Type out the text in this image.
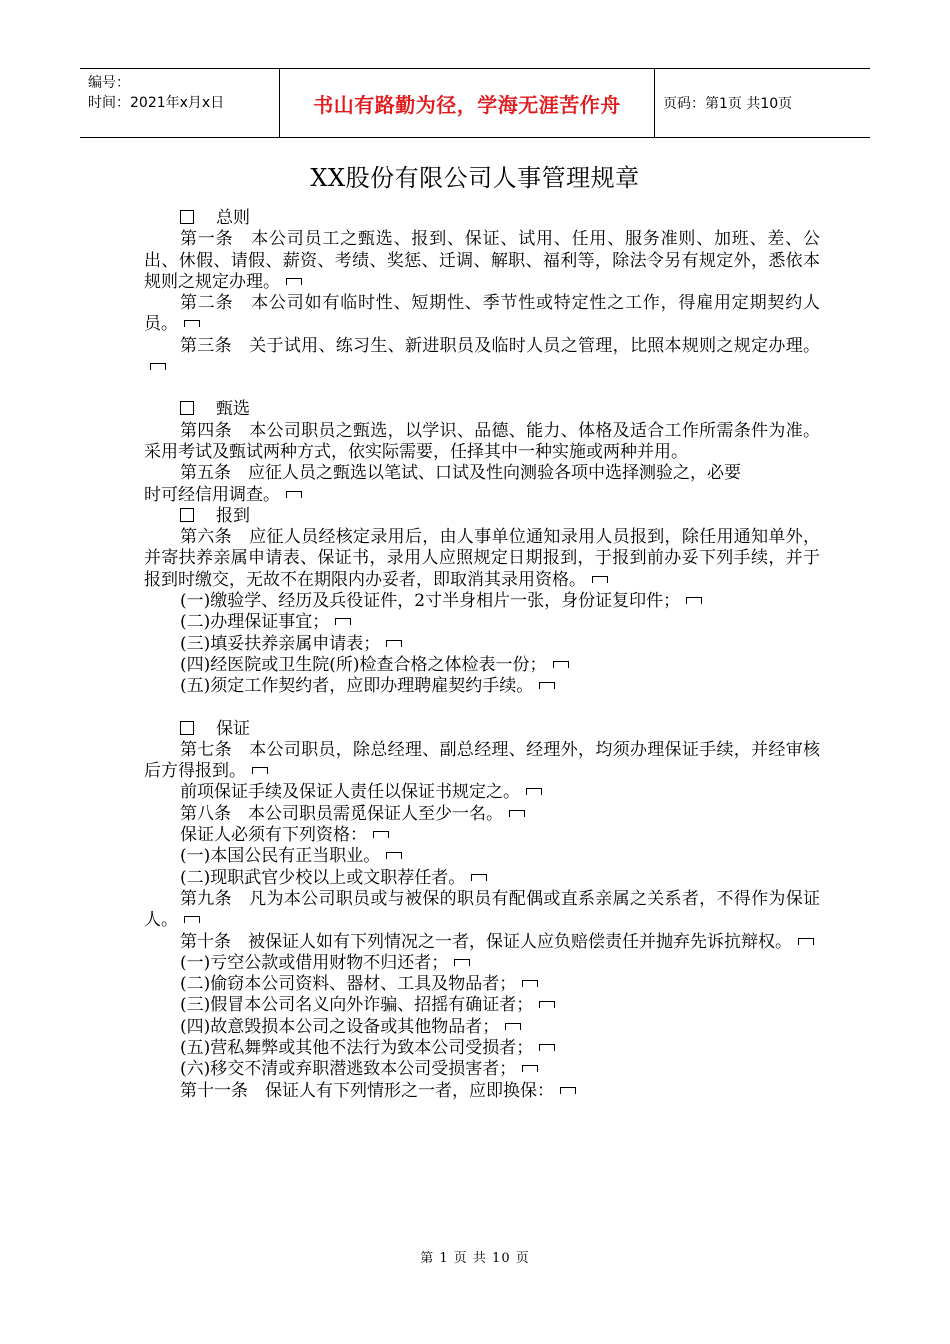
编号：
时间：2021年x月x日	书山有路勤为径，学海无涯苦作舟	页码：第1页 共10页
XX股份有限公司人事管理规章

总则

第一条　本公司员工之甄选、报到、保证、试用、任用、服务准则、加班、差、公出、休假、请假、薪资、考绩、奖惩、迁调、解职、福利等，除法令另有规定外，悉依本规则之规定办理。

第二条　本公司如有临时性、短期性、季节性或特定性之工作，得雇用定期契约人员。

第三条　关于试用、练习生、新进职员及临时人员之管理，比照本规则之规定办理。

甄选

第四条　本公司职员之甄选，以学识、品德、能力、体格及适合工作所需条件为准。采用考试及甄试两种方式，依实际需要，任择其中一种实施或两种并用。

第五条　应征人员之甄选以笔试、口试及性向测验各项中选择测验之，必要

时可经信用调查。

报到

第六条　应征人员经核定录用后，由人事单位通知录用人员报到，除任用通知单外，并寄扶养亲属申请表、保证书，录用人应照规定日期报到，于报到前办妥下列手续，并于报到时缴交，无故不在期限内办妥者，即取消其录用资格。

(一)缴验学、经历及兵役证件，2寸半身相片一张，身份证复印件；

(二)办理保证事宜；

(三)填妥扶养亲属申请表；

(四)经医院或卫生院(所)检查合格之体检表一份；

(五)须定工作契约者，应即办理聘雇契约手续。

保证

第七条　本公司职员，除总经理、副总经理、经理外，均须办理保证手续，并经审核后方得报到。

前项保证手续及保证人责任以保证书规定之。

第八条　本公司职员需觅保证人至少一名。

保证人必须有下列资格：

(一)本国公民有正当职业。

(二)现职武官少校以上或文职荐任者。

第九条　凡为本公司职员或与被保的职员有配偶或直系亲属之关系者，不得作为保证人。

第十条　被保证人如有下列情况之一者，保证人应负赔偿责任并抛弃先诉抗辩权。

(一)亏空公款或借用财物不归还者；

(二)偷窃本公司资料、器材、工具及物品者；

(三)假冒本公司名义向外诈骗、招摇有确证者；

(四)故意毁损本公司之设备或其他物品者；

(五)营私舞弊或其他不法行为致本公司受损者；

(六)移交不清或弃职潜逃致本公司受损害者；

第十一条　保证人有下列情形之一者，应即换保：

第 1 页 共 10 页
